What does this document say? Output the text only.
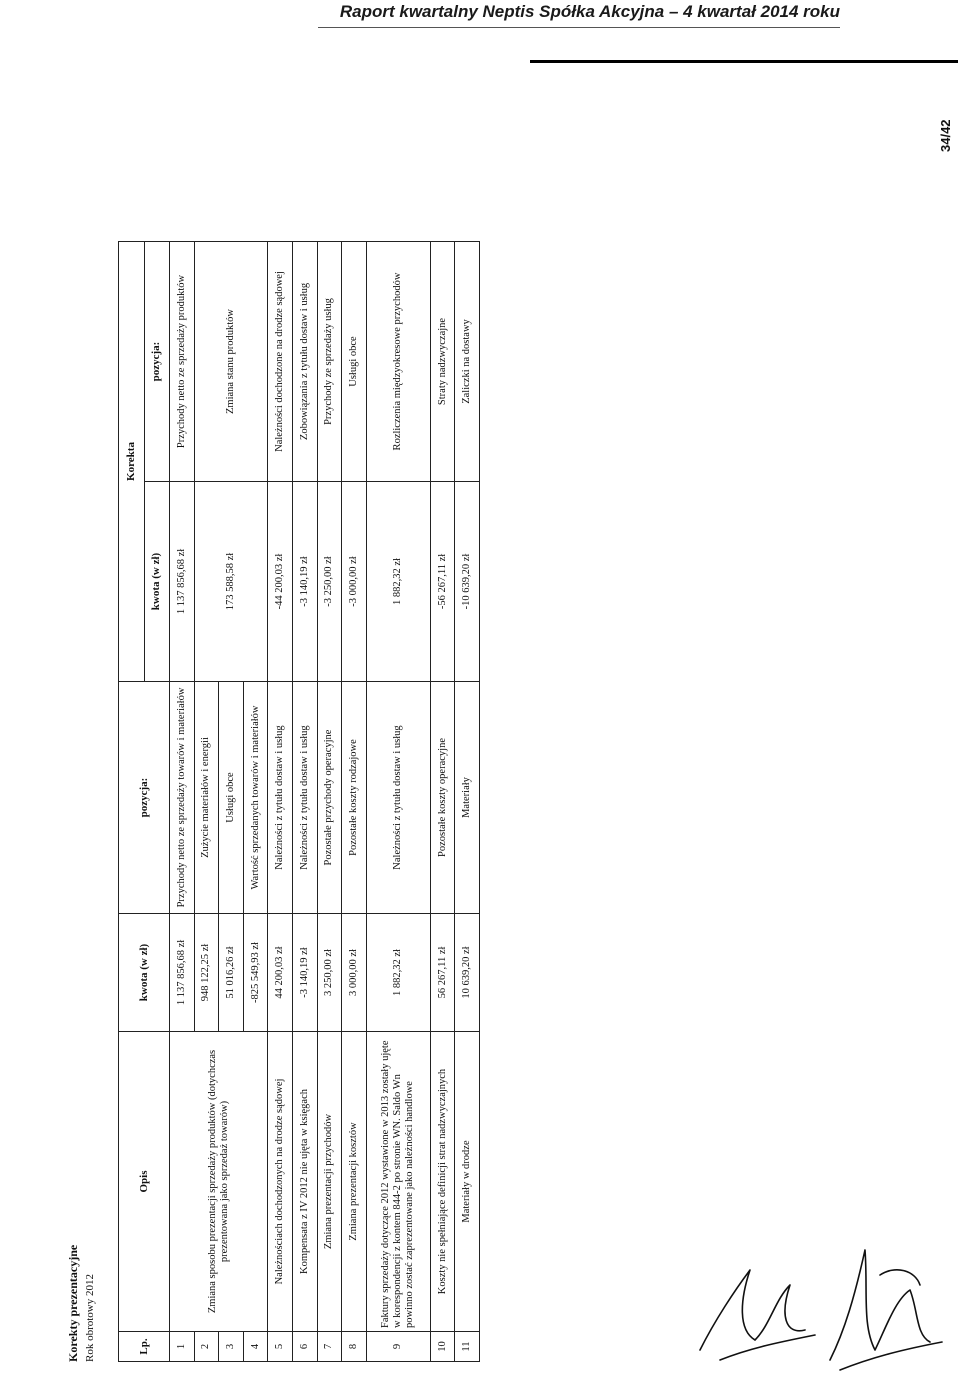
Raport kwartalny Neptis Spółka Akcyjna – 4 kwartał 2014 roku
34/42
Korekty prezentacyjne Rok obrotowy 2012	Lp.	Opis	kwota (w zł)	pozycja:	Korekta	
				kwota (w zł)	pozycja:
1	Zmiana sposobu prezentacji sprzedaży produktów (dotychczas prezentowana jako sprzedaż towarów)	1 137 856,68 zł	Przychody netto ze sprzedaży towarów i materiałów	1 137 856,68 zł	Przychody netto ze sprzedaży produktów
2		948 122,25 zł	Zużycie materiałów i energii	173 588,58 zł	Zmiana stanu produktów
3		51 016,26 zł	Usługi obce		
4		-825 549,93 zł	Wartość sprzedanych towarów i materiałów		
5	Należnościach dochodzonych na drodze sądowej	44 200,03 zł	Należności z tytułu dostaw i usług	-44 200,03 zł	Należności dochodzone na drodze sądowej
6	Kompensata z IV 2012 nie ujęta w księgach	-3 140,19 zł	Należności z tytułu dostaw i usług	-3 140,19 zł	Zobowiązania z tytułu dostaw i usług
7	Zmiana prezentacji przychodów	3 250,00 zł	Pozostałe przychody operacyjne	-3 250,00 zł	Przychody ze sprzedaży usług
8	Zmiana prezentacji kosztów	3 000,00 zł	Pozostałe koszty rodzajowe	-3 000,00 zł	Usługi obce
9	Faktury sprzedaży dotyczące 2012 wystawione w 2013 zostały ujęte w korespondencji z kontem 844-2 po stronie WN. Saldo Wn powinno zostać zaprezentowane jako należności handlowe	1 882,32 zł	Należności z tytułu dostaw i usług	1 882,32 zł	Rozliczenia międzyokresowe przychodów
10	Koszty nie spełniające definicji strat nadzwyczajnych	56 267,11 zł	Pozostałe koszty operacyjne	-56 267,11 zł	Straty nadzwyczajne
11	Materiały w drodze	10 639,20 zł	Materiały	-10 639,20 zł	Zaliczki na dostawy
